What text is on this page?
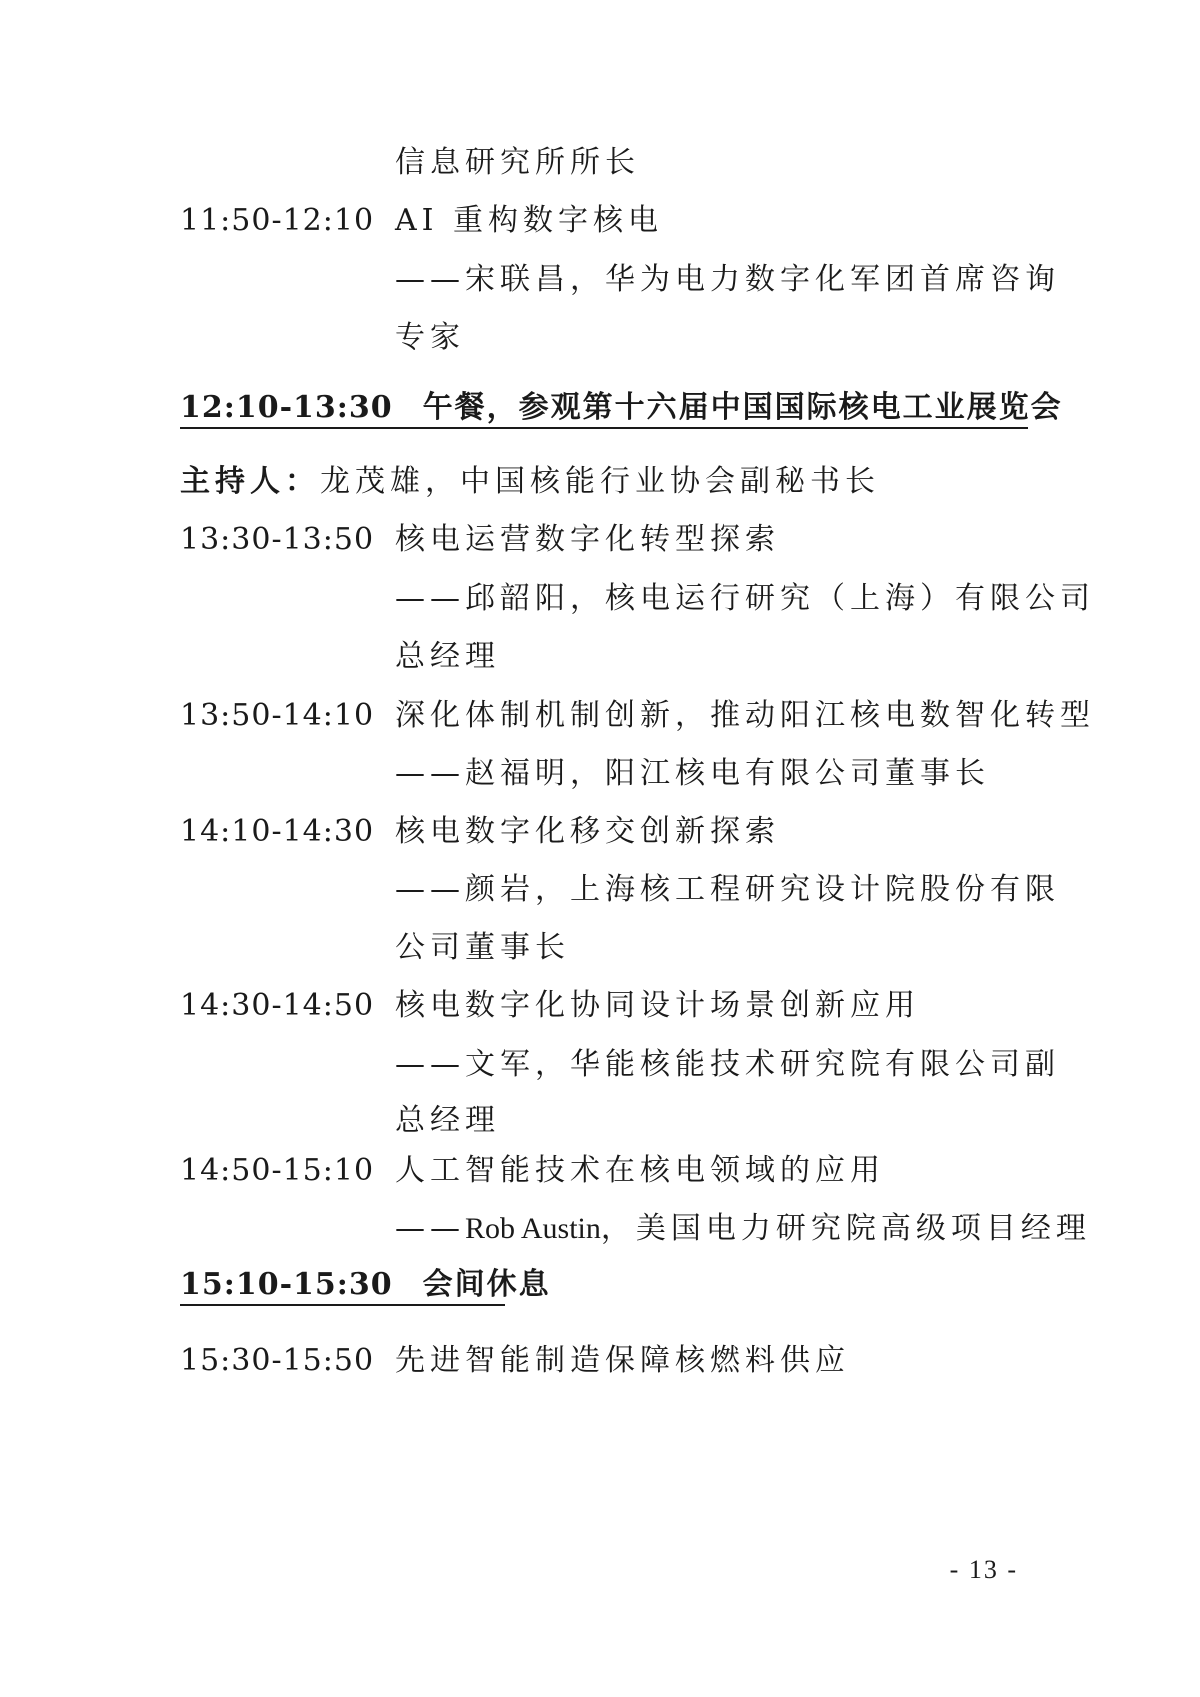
信息研究所所长
11:50-12:10 AI 重构数字核电
——宋联昌，华为电力数字化军团首席咨询
专家
12:10-13:30 午餐，参观第十六届中国国际核电工业展览会
主持人：龙茂雄，中国核能行业协会副秘书长
13:30-13:50 核电运营数字化转型探索
——邱韶阳，核电运行研究（上海）有限公司
总经理
13:50-14:10 深化体制机制创新，推动阳江核电数智化转型
——赵福明，阳江核电有限公司董事长
14:10-14:30 核电数字化移交创新探索
——颜岩，上海核工程研究设计院股份有限
公司董事长
14:30-14:50 核电数字化协同设计场景创新应用
——文军，华能核能技术研究院有限公司副
总经理
14:50-15:10 人工智能技术在核电领域的应用
——Rob Austin，美国电力研究院高级项目经理
15:10-15:30 会间休息
15:30-15:50 先进智能制造保障核燃料供应
- 13 -
